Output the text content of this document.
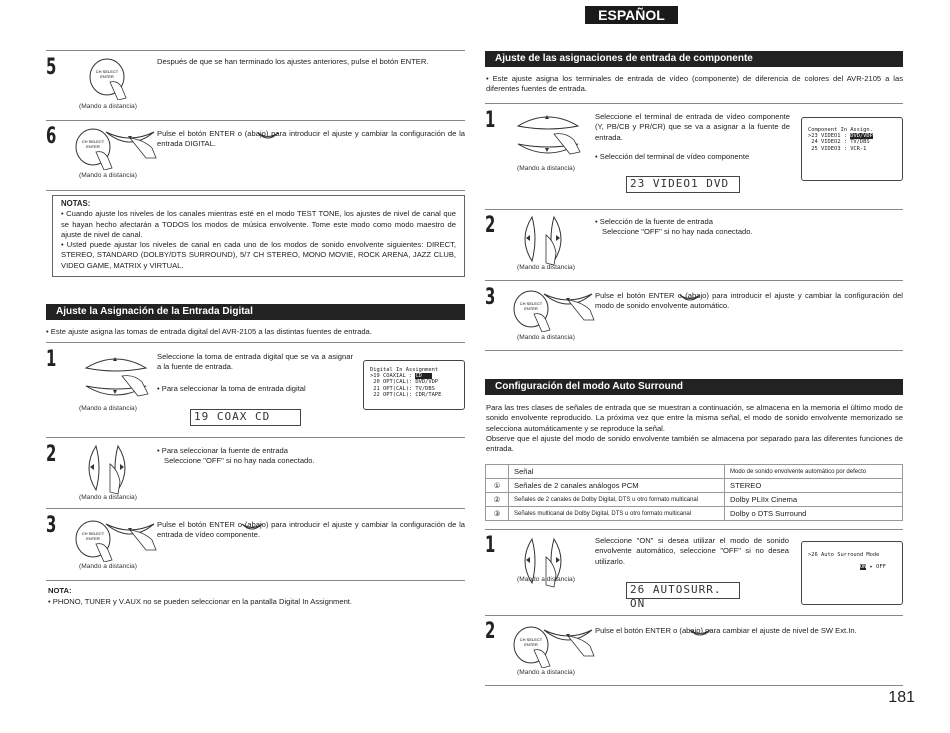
ESPAÑOL
5
(Mando a distancia)
Después de que se han terminado los ajustes anteriores, pulse el botón ENTER.
6
(Mando a distancia)
Pulse el botón ENTER o (abajo) para introducir el ajuste y cambiar la configuración de la entrada DIGITAL.
NOTAS:
• Cuando ajuste los niveles de los canales mientras esté en el modo TEST TONE, los ajustes de nivel de canal que se hayan hecho afectarán a TODOS los modos de música envolvente. Tome este modo como modo maestro de ajuste de nivel de canal.
• Usted puede ajustar los niveles de canal en cada uno de los modos de sonido envolvente siguientes: DIRECT, STEREO, STANDARD (DOLBY/DTS SURROUND), 5/7 CH STEREO, MONO MOVIE, ROCK ARENA, JAZZ CLUB, VIDEO GAME, MATRIX y VIRTUAL.
Ajuste la Asignación de la Entrada Digital
• Este ajuste asigna las tomas de entrada digital del AVR-2105 a las distintas fuentes de entrada.
1
(Mando a distancia)
Seleccione la toma de entrada digital que se va a asignar a la fuente de entrada.
• Para seleccionar la toma de entrada digital
19 COAX CD
Digital In Assignment
>19 COAXIAL : CD
20 OPT(CAL): DVD/VDP
21 OPT(CAL): TV/DBS
22 OPT(CAL): CDR/TAPE
2
(Mando a distancia)
• Para seleccionar la fuente de entrada
Seleccione "OFF" si no hay nada conectado.
3
(Mando a distancia)
Pulse el botón ENTER o (abajo) para introducir el ajuste y cambiar la configuración de la entrada de vídeo componente.
NOTA:
• PHONO, TUNER y V.AUX no se pueden seleccionar en la pantalla Digital In Assignment.
Ajuste de las asignaciones de entrada de componente
• Este ajuste asigna los terminales de entrada de vídeo (componente) de diferencia de colores del AVR-2105 a las diferentes fuentes de entrada.
1
(Mando a distancia)
Seleccione el terminal de entrada de vídeo componente (Y, PB/CB y PR/CR) que se va a asignar a la fuente de entrada.
• Selección del terminal de vídeo componente
23 VIDEO1 DVD
Component In Assign.
>23 VIDEO1 : DVD/VDP
24 VIDEO2 : TV/DBS
25 VIDEO3 : VCR-1
2
(Mando a distancia)
• Selección de la fuente de entrada
Seleccione "OFF" si no hay nada conectado.
3
(Mando a distancia)
Pulse el botón ENTER o (abajo) para introducir el ajuste y cambiar la configuración del modo de sonido envolvente automático.
Configuración del modo Auto Surround
Para las tres clases de señales de entrada que se muestran a continuación, se almacena en la memoria el último modo de sonido envolvente reproducido. La próxima vez que entre la misma señal, el modo de sonido envolvente memorizado se selecciona automáticamente y se reproduce la señal.
Observe que el ajuste del modo de sonido envolvente también se almacena por separado para las diferentes funciones de entrada.
	Señal	Modo de sonido envolvente automático por defecto
①	Señales de 2 canales análogos PCM	STEREO
②	Señales de 2 canales de Dolby Digital, DTS u otro formato multicanal	Dolby PLIIx Cinema
③	Señales multicanal de Dolby Digital, DTS u otro formato multicanal	Dolby o DTS Surround
1
(Mando a distancia)
Seleccione "ON" si desea utilizar el modo de sonido envolvente automático, seleccione "OFF" si no desea utilizarlo.
26 AUTOSURR. ON
>26 Auto Surround Mode

ON ▸ OFF
2
(Mando a distancia)
Pulse el botón ENTER o (abajo) para cambiar el ajuste de nivel de SW Ext.In.
181
